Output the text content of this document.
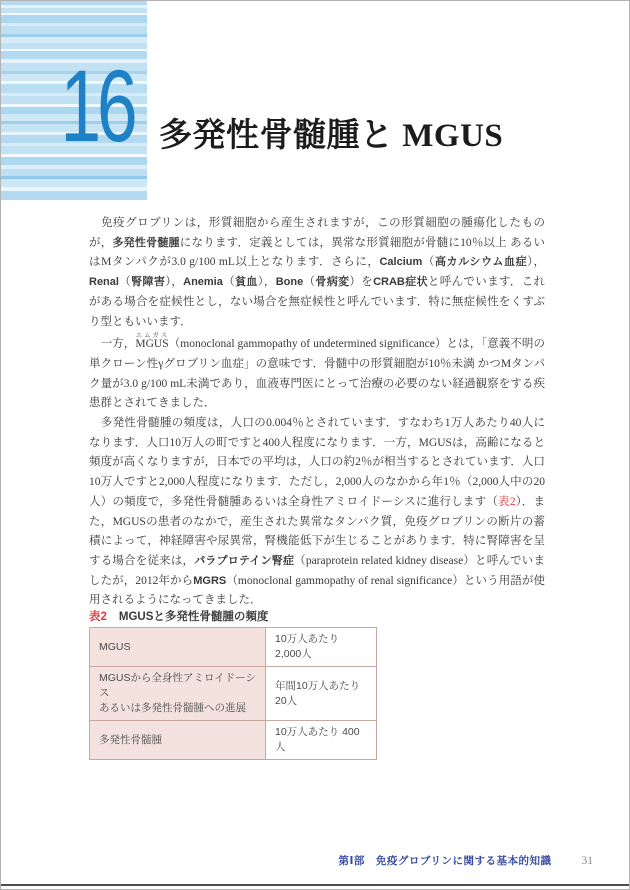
16 多発性骨髄腫と MGUS

　免疫グロブリンは，形質細胞から産生されますが，この形質細胞の腫瘍化したものが，多発性骨髄腫になります．定義としては，異常な形質細胞が骨髄に10％以上 あるいはMタンパクが3.0 g/100 mL以上となります．さらに，Calcium（高カルシウム血症），Renal（腎障害），Anemia（貧血），Bone（骨病変）をCRAB症状と呼んでいます．これがある場合を症候性とし，ない場合を無症候性と呼んでいます．特に無症候性をくすぶり型ともいいます．

　一方，MGUSエムガス（monoclonal gammopathy of undetermined significance）とは，「意義不明の単クローン性γグロブリン血症」の意味です．骨髄中の形質細胞が10％未満 かつMタンパク量が3.0 g/100 mL未満であり，血液専門医にとって治療の必要のない経過観察をする疾患群とされてきました．

　多発性骨髄腫の頻度は，人口の0.004％とされています．すなわち1万人あたり40人になります．人口10万人の町ですと400人程度になります．一方，MGUSは，高齢になると頻度が高くなりますが，日本での平均は，人口の約2％が相当するとされています．人口10万人ですと2,000人程度になります．ただし，2,000人のなかから年1％（2,000人中の20人）の頻度で，多発性骨髄腫あるいは全身性アミロイドーシスに進行します（表2）．また，MGUSの患者のなかで，産生された異常なタンパク質，免疫グロブリンの断片の蓄積によって，神経障害や尿異常，腎機能低下が生じることがあります．特に腎障害を呈する場合を従来は，パラプロテイン腎症（paraprotein related kidney disease）と呼んでいましたが，2012年からMGRS（monoclonal gammopathy of renal significance）という用語が使用されるようになってきました．

表2 MGUSと多発性骨髄腫の頻度
MGUS	10万人あたり 2,000人
MGUSから全身性アミロイドーシス
あるいは多発性骨髄腫への進展	年間10万人あたり 20人
多発性骨髄腫	10万人あたり 400人
第Ⅰ部　免疫グロブリンに関する基本的知識	31
